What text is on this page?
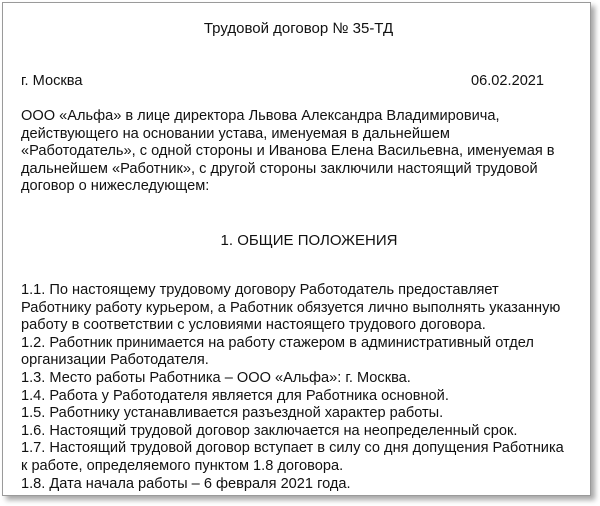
Трудовой договор № 35-ТД
г. Москва	06.02.2021
ООО «Альфа» в лице директора Львова Александра Владимировича,
действующего на основании устава, именуемая в дальнейшем
«Работодатель», с одной стороны и Иванова Елена Васильевна, именуемая в
дальнейшем «Работник», с другой стороны заключили настоящий трудовой
договор о нижеследующем:
1. ОБЩИЕ ПОЛОЖЕНИЯ
1.1. По настоящему трудовому договору Работодатель предоставляет
Работнику работу курьером, а Работник обязуется лично выполнять указанную
работу в соответствии с условиями настоящего трудового договора.
1.2. Работник принимается на работу стажером в административный отдел
организации Работодателя.
1.3. Место работы Работника – ООО «Альфа»: г. Москва.
1.4. Работа у Работодателя является для Работника основной.
1.5. Работнику устанавливается разъездной характер работы.
1.6. Настоящий трудовой договор заключается на неопределенный срок.
1.7. Настоящий трудовой договор вступает в силу со дня допущения Работника
к работе, определяемого пунктом 1.8 договора.
1.8. Дата начала работы – 6 февраля 2021 года.
